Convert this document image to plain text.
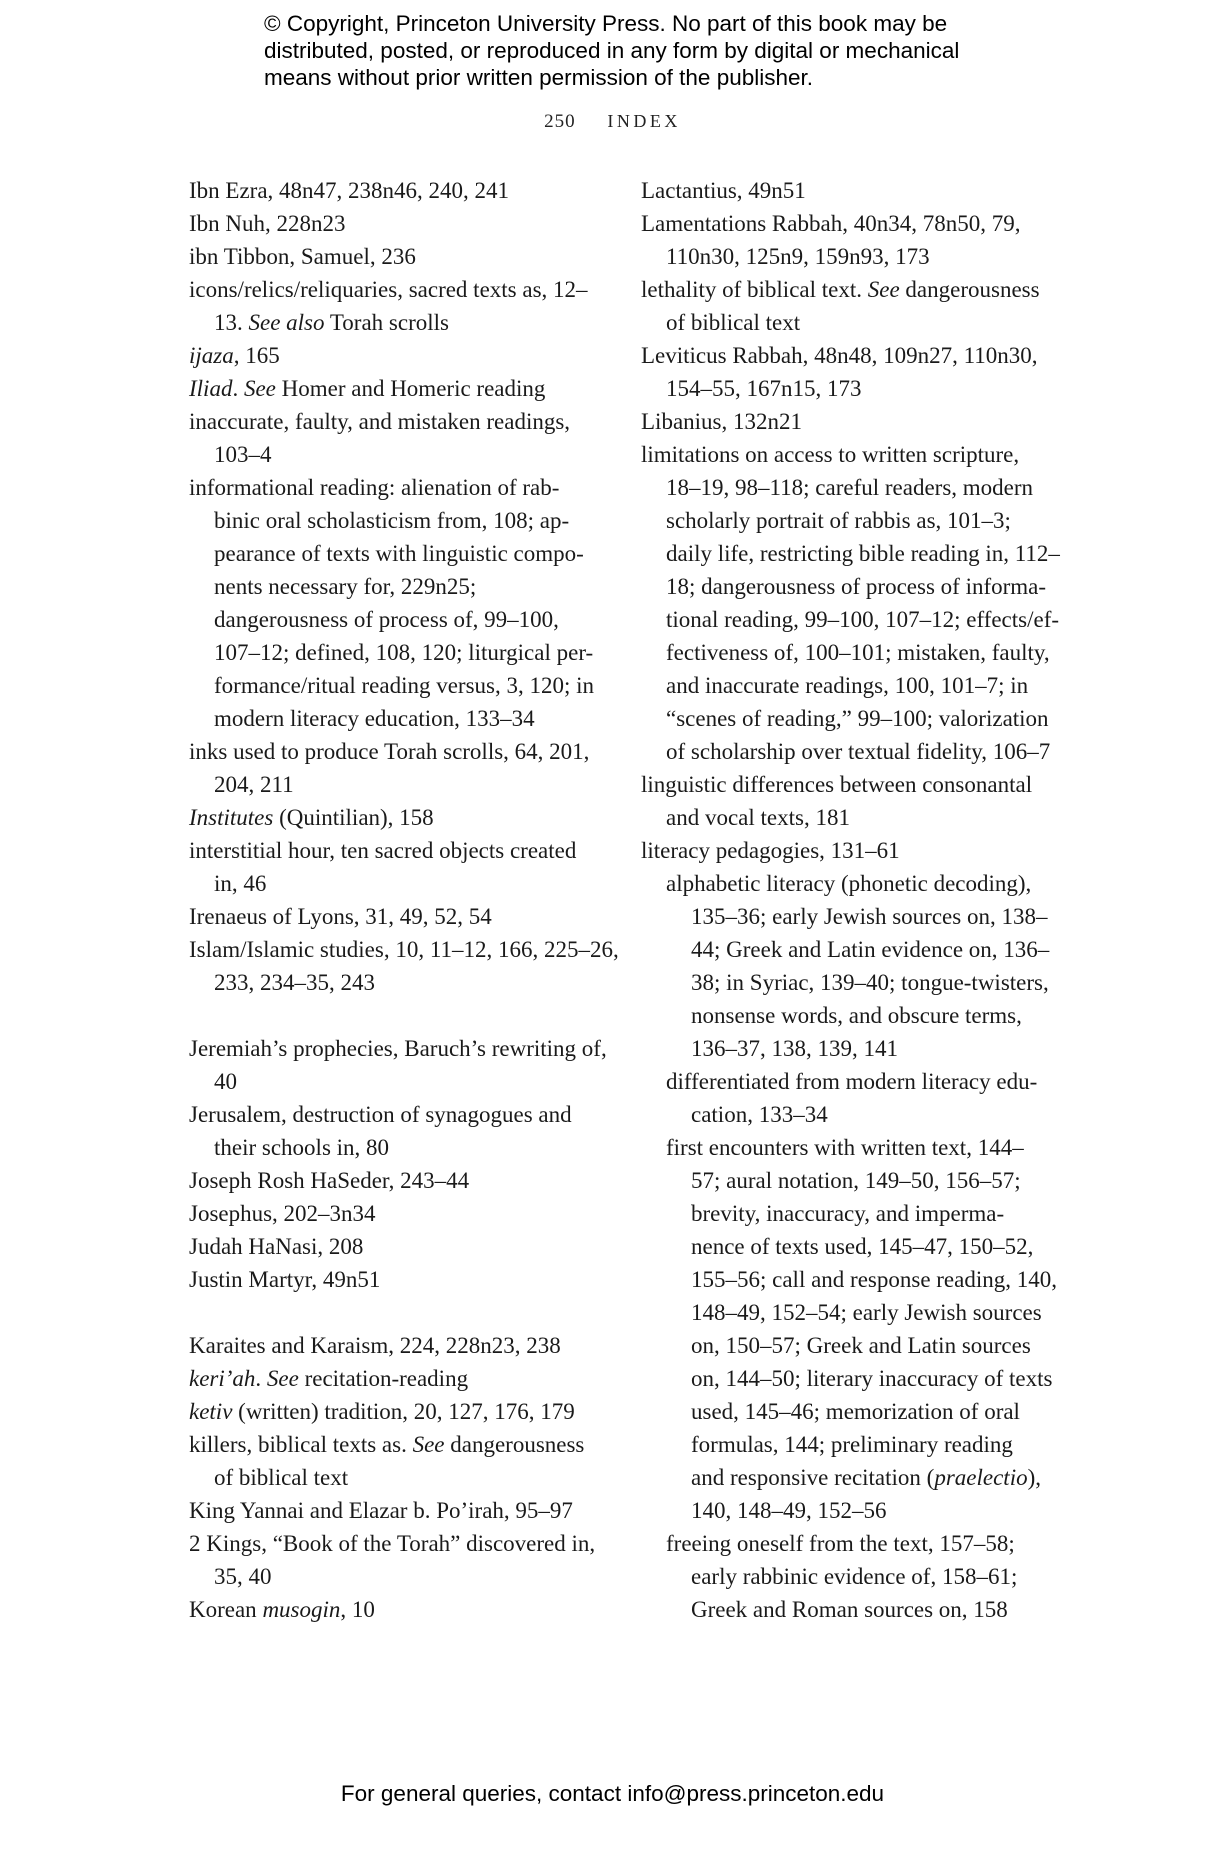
© Copyright, Princeton University Press. No part of this book may be
distributed, posted, or reproduced in any form by digital or mechanical
means without prior written permission of the publisher.
250 INDEX
Ibn Ezra, 48n47, 238n46, 240, 241
Ibn Nuh, 228n23
ibn Tibbon, Samuel, 236
icons/relics/reliquaries, sacred texts as, 12–
13. See also Torah scrolls
ijaza, 165
Iliad. See Homer and Homeric reading
inaccurate, faulty, and mistaken readings,
103–4
informational reading: alienation of rab-
binic oral scholasticism from, 108; ap-
pearance of texts with linguistic compo-
nents necessary for, 229n25;
dangerousness of process of, 99–100,
107–12; defined, 108, 120; liturgical per-
formance/ritual reading versus, 3, 120; in
modern literacy education, 133–34
inks used to produce Torah scrolls, 64, 201,
204, 211
Institutes (Quintilian), 158
interstitial hour, ten sacred objects created
in, 46
Irenaeus of Lyons, 31, 49, 52, 54
Islam/Islamic studies, 10, 11–12, 166, 225–26,
233, 234–35, 243
Jeremiah’s prophecies, Baruch’s rewriting of,
40
Jerusalem, destruction of synagogues and
their schools in, 80
Joseph Rosh HaSeder, 243–44
Josephus, 202–3n34
Judah HaNasi, 208
Justin Martyr, 49n51
Karaites and Karaism, 224, 228n23, 238
keri’ah. See recitation-reading
ketiv (written) tradition, 20, 127, 176, 179
killers, biblical texts as. See dangerousness
of biblical text
King Yannai and Elazar b. Po’irah, 95–97
2 Kings, “Book of the Torah” discovered in,
35, 40
Korean musogin, 10
Lactantius, 49n51
Lamentations Rabbah, 40n34, 78n50, 79,
110n30, 125n9, 159n93, 173
lethality of biblical text. See dangerousness
of biblical text
Leviticus Rabbah, 48n48, 109n27, 110n30,
154–55, 167n15, 173
Libanius, 132n21
limitations on access to written scripture,
18–19, 98–118; careful readers, modern
scholarly portrait of rabbis as, 101–3;
daily life, restricting bible reading in, 112–
18; dangerousness of process of informa-
tional reading, 99–100, 107–12; effects/ef-
fectiveness of, 100–101; mistaken, faulty,
and inaccurate readings, 100, 101–7; in
“scenes of reading,” 99–100; valorization
of scholarship over textual fidelity, 106–7
linguistic differences between consonantal
and vocal texts, 181
literacy pedagogies, 131–61
alphabetic literacy (phonetic decoding),
135–36; early Jewish sources on, 138–
44; Greek and Latin evidence on, 136–
38; in Syriac, 139–40; tongue-twisters,
nonsense words, and obscure terms,
136–37, 138, 139, 141
differentiated from modern literacy edu-
cation, 133–34
first encounters with written text, 144–
57; aural notation, 149–50, 156–57;
brevity, inaccuracy, and imperma-
nence of texts used, 145–47, 150–52,
155–56; call and response reading, 140,
148–49, 152–54; early Jewish sources
on, 150–57; Greek and Latin sources
on, 144–50; literary inaccuracy of texts
used, 145–46; memorization of oral
formulas, 144; preliminary reading
and responsive recitation (praelectio),
140, 148–49, 152–56
freeing oneself from the text, 157–58;
early rabbinic evidence of, 158–61;
Greek and Roman sources on, 158
For general queries, contact info@press.princeton.edu
